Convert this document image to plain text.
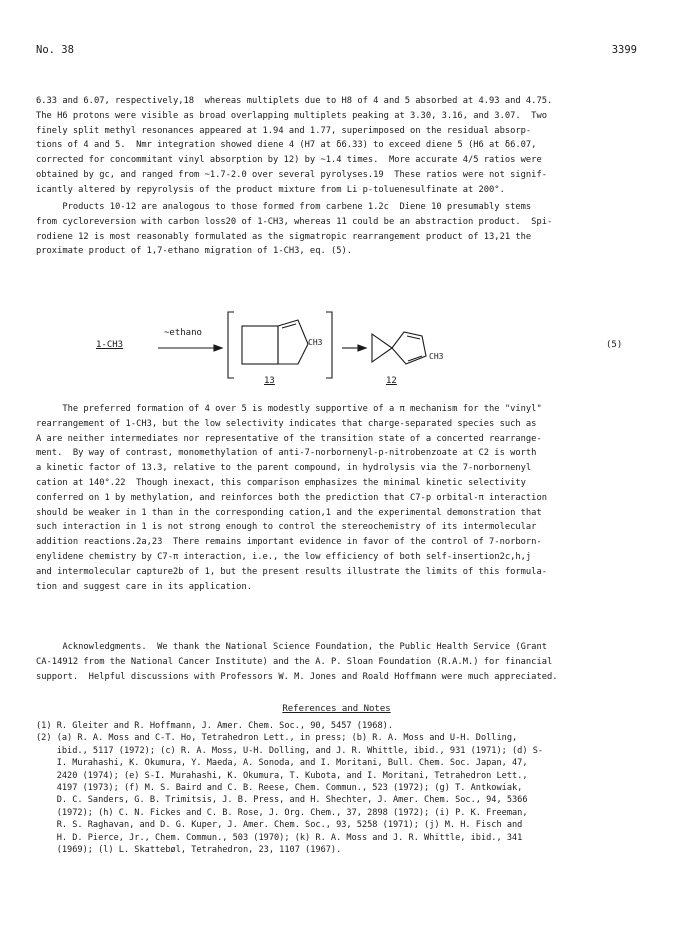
No. 38	3399
6.33 and 6.07, respectively,18  whereas multiplets due to H8 of 4 and 5 absorbed at 4.93 and 4.75.
The H6 protons were visible as broad overlapping multiplets peaking at 3.30, 3.16, and 3.07.  Two
finely split methyl resonances appeared at 1.94 and 1.77, superimposed on the residual absorp-
tions of 4 and 5.  Nmr integration showed diene 4 (H7 at δ6.33) to exceed diene 5 (H6 at δ6.07,
corrected for concommitant vinyl absorption by 12) by ~1.4 times.  More accurate 4/5 ratios were
obtained by gc, and ranged from ~1.7-2.0 over several pyrolyses.19  These ratios were not signif-
icantly altered by repyrolysis of the product mixture from Li p-toluenesulfinate at 200°.
Products 10-12 are analogous to those formed from carbene 1.2c  Diene 10 presumably stems
from cycloreversion with carbon loss20 of 1-CH3, whereas 11 could be an abstraction product.  Spi-
rodiene 12 is most reasonably formulated as the sigmatropic rearrangement product of 13,21 the
proximate product of 1,7-ethano migration of 1-CH3, eq. (5).
1-CH3
~ethano
CH3
CH3
13	12
(5)
The preferred formation of 4 over 5 is modestly supportive of a π mechanism for the "vinyl"
rearrangement of 1-CH3, but the low selectivity indicates that charge-separated species such as
A are neither intermediates nor representative of the transition state of a concerted rearrange-
ment.  By way of contrast, monomethylation of anti-7-norbornenyl-p-nitrobenzoate at C2 is worth
a kinetic factor of 13.3, relative to the parent compound, in hydrolysis via the 7-norbornenyl
cation at 140°.22  Though inexact, this comparison emphasizes the minimal kinetic selectivity
conferred on 1 by methylation, and reinforces both the prediction that C7-p orbital-π interaction
should be weaker in 1 than in the corresponding cation,1 and the experimental demonstration that
such interaction in 1 is not strong enough to control the stereochemistry of its intermolecular
addition reactions.2a,23  There remains important evidence in favor of the control of 7-norborn-
enylidene chemistry by C7-π interaction, i.e., the low efficiency of both self-insertion2c,h,j
and intermolecular capture2b of 1, but the present results illustrate the limits of this formula-
tion and suggest care in its application.
Acknowledgments.  We thank the National Science Foundation, the Public Health Service (Grant
CA-14912 from the National Cancer Institute) and the A. P. Sloan Foundation (R.A.M.) for financial
support.  Helpful discussions with Professors W. M. Jones and Roald Hoffmann were much appreciated.
References and Notes
(1) R. Gleiter and R. Hoffmann, J. Amer. Chem. Soc., 90, 5457 (1968).
(2) (a) R. A. Moss and C-T. Ho, Tetrahedron Lett., in press; (b) R. A. Moss and U-H. Dolling,
ibid., 5117 (1972); (c) R. A. Moss, U-H. Dolling, and J. R. Whittle, ibid., 931 (1971); (d) S-
I. Murahashi, K. Okumura, Y. Maeda, A. Sonoda, and I. Moritani, Bull. Chem. Soc. Japan, 47,
2420 (1974); (e) S-I. Murahashi, K. Okumura, T. Kubota, and I. Moritani, Tetrahedron Lett.,
4197 (1973); (f) M. S. Baird and C. B. Reese, Chem. Commun., 523 (1972); (g) T. Antkowiak,
D. C. Sanders, G. B. Trimitsis, J. B. Press, and H. Shechter, J. Amer. Chem. Soc., 94, 5366
(1972); (h) C. N. Fickes and C. B. Rose, J. Org. Chem., 37, 2898 (1972); (i) P. K. Freeman,
R. S. Raghavan, and D. G. Kuper, J. Amer. Chem. Soc., 93, 5258 (1971); (j) M. H. Fisch and
H. D. Pierce, Jr., Chem. Commun., 503 (1970); (k) R. A. Moss and J. R. Whittle, ibid., 341
(1969); (l) L. Skattebøl, Tetrahedron, 23, 1107 (1967).
